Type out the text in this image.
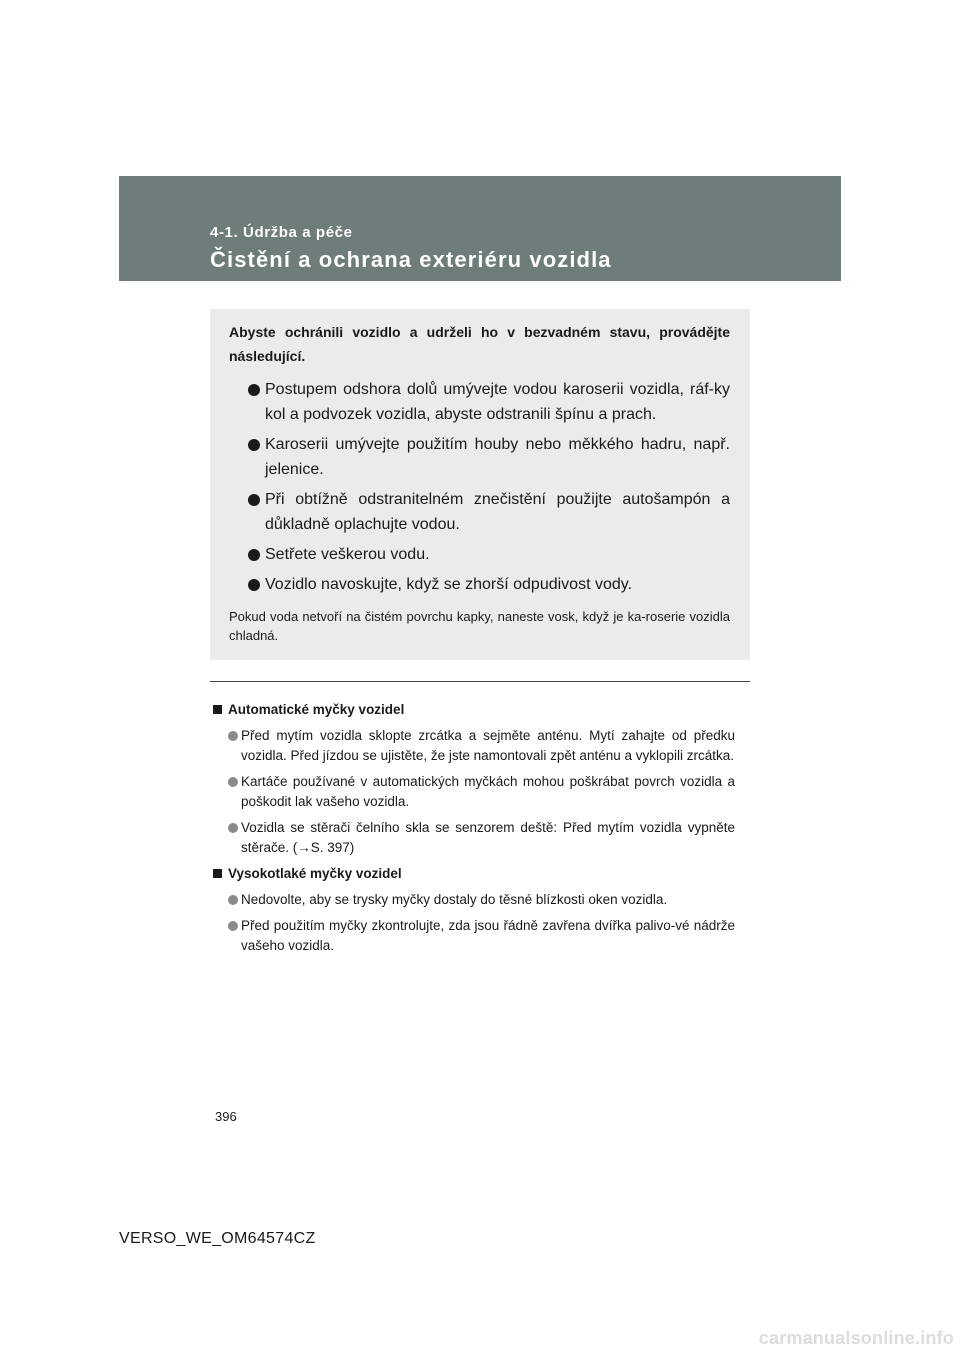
4-1. Údržba a péče
Čistění a ochrana exteriéru vozidla

Abyste ochránili vozidlo a udrželi ho v bezvadném stavu, provádějte následující.

Postupem odshora dolů umývejte vodou karoserii vozidla, ráf-ky kol a podvozek vozidla, abyste odstranili špínu a prach.
Karoserii umývejte použitím houby nebo měkkého hadru, např. jelenice.
Při obtížně odstranitelném znečistění použijte autošampón a důkladně oplachujte vodou.
Setřete veškerou vodu.
Vozidlo navoskujte, když se zhorší odpudivost vody.

Pokud voda netvoří na čistém povrchu kapky, naneste vosk, když je ka-roserie vozidla chladná.

Automatické myčky vozidel
Před mytím vozidla sklopte zrcátka a sejměte anténu. Mytí zahajte od předku vozidla. Před jízdou se ujistěte, že jste namontovali zpět anténu a vyklopili zrcátka.
Kartáče používané v automatických myčkách mohou poškrábat povrch vozidla a poškodit lak vašeho vozidla.
Vozidla se stěrači čelního skla se senzorem deště: Před mytím vozidla vypněte stěrače. (→S. 397)
Vysokotlaké myčky vozidel
Nedovolte, aby se trysky myčky dostaly do těsné blízkosti oken vozidla.
Před použitím myčky zkontrolujte, zda jsou řádně zavřena dvířka palivo-vé nádrže vašeho vozidla.
396
VERSO_WE_OM64574CZ
carmanualsonline.info
